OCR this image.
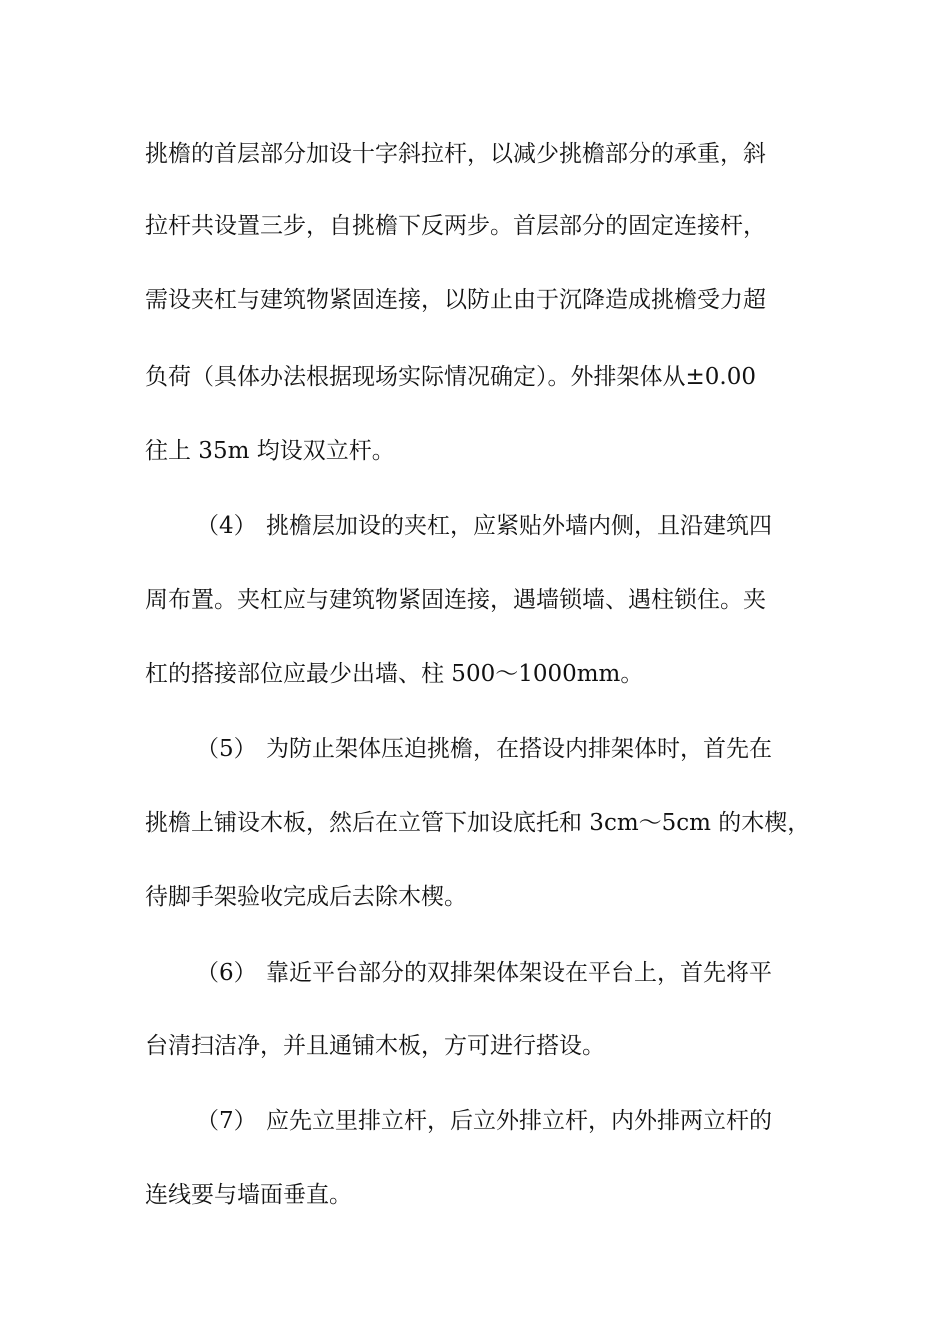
挑檐的首层部分加设十字斜拉杆，以减少挑檐部分的承重，斜
拉杆共设置三步，自挑檐下反两步。首层部分的固定连接杆，
需设夹杠与建筑物紧固连接，以防止由于沉降造成挑檐受力超
负荷（具体办法根据现场实际情况确定）。外排架体从±0.00
往上 35m 均设双立杆。
（4） 挑檐层加设的夹杠，应紧贴外墙内侧，且沿建筑四
周布置。夹杠应与建筑物紧固连接，遇墙锁墙、遇柱锁住。夹
杠的搭接部位应最少出墙、柱 500～1000mm。
（5） 为防止架体压迫挑檐，在搭设内排架体时，首先在
挑檐上铺设木板，然后在立管下加设底托和 3cm～5cm 的木楔，
待脚手架验收完成后去除木楔。
（6） 靠近平台部分的双排架体架设在平台上，首先将平
台清扫洁净，并且通铺木板，方可进行搭设。
（7） 应先立里排立杆，后立外排立杆，内外排两立杆的
连线要与墙面垂直。
